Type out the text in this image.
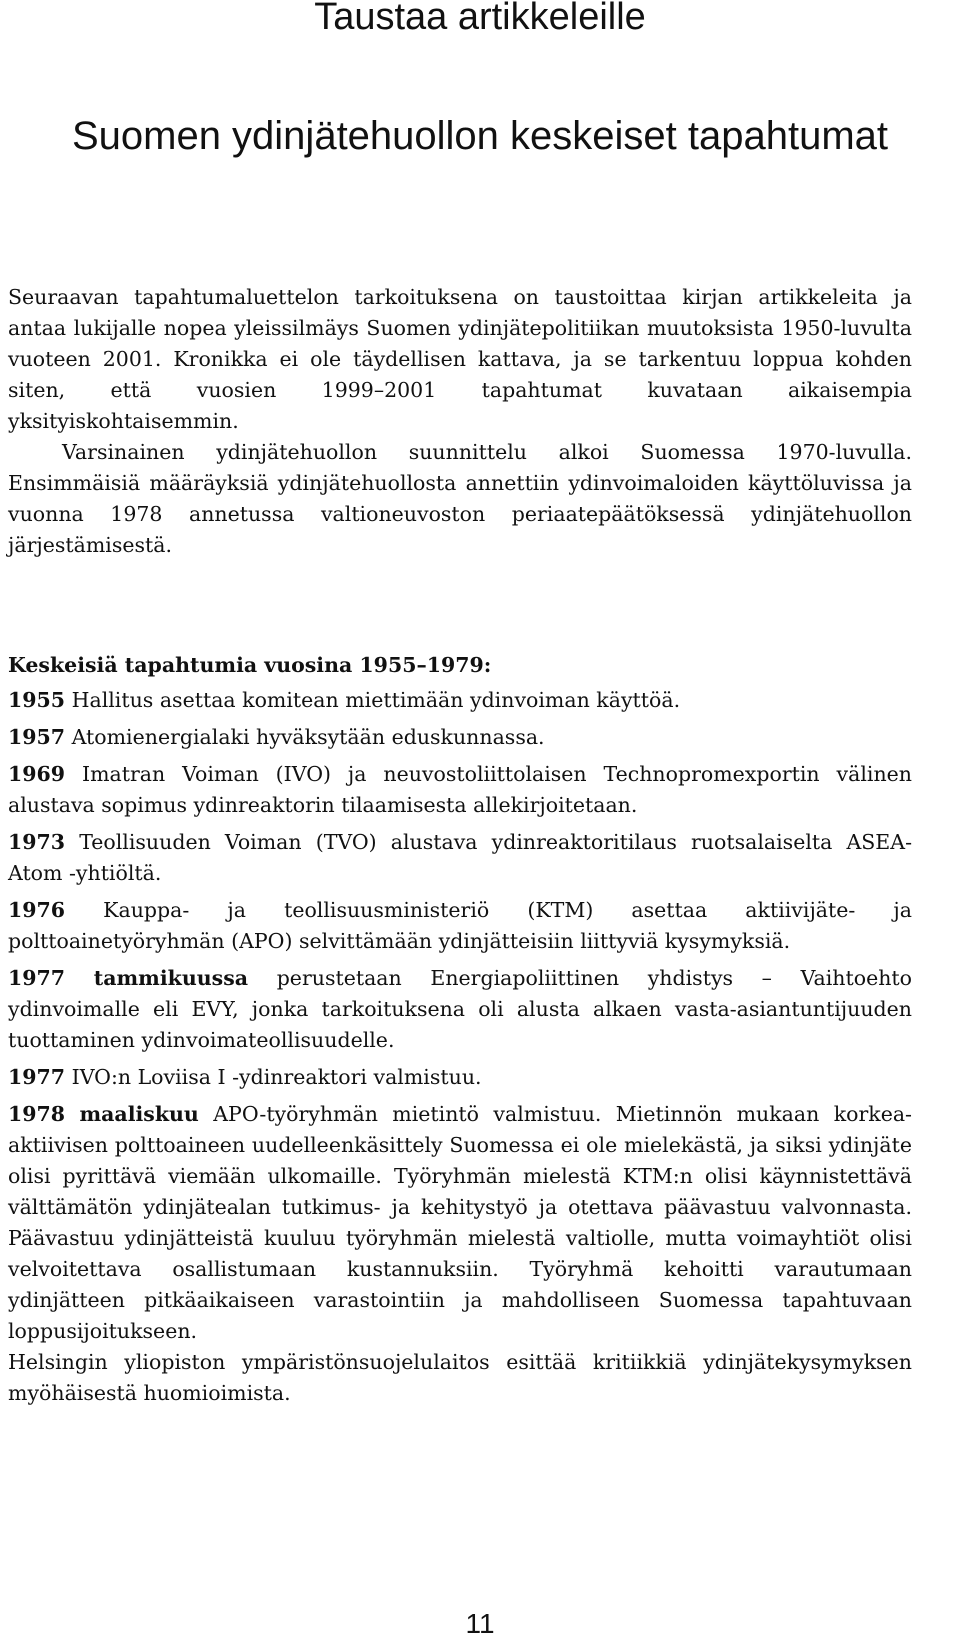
Taustaa artikkeleille
Suomen ydinjätehuollon keskeiset tapahtumat

Seuraavan tapahtumaluettelon tarkoituksena on taustoittaa kirjan artikkeleita ja antaa lukijalle nopea yleissilmäys Suomen ydinjätepolitiikan muutoksista 1950-luvulta vuoteen 2001. Kronikka ei ole täydellisen kattava, ja se tarkentuu loppua kohden siten, että vuosien 1999–2001 tapahtumat kuvataan aikaisempia yksityiskohtaisemmin.

Varsinainen ydinjätehuollon suunnittelu alkoi Suomessa 1970-luvulla. Ensimmäisiä määräyksiä ydinjätehuollosta annettiin ydinvoimaloiden käyttöluvissa ja vuonna 1978 annetussa valtioneuvoston periaatepäätöksessä ydinjätehuollon järjestämisestä.

Keskeisiä tapahtumia vuosina 1955–1979:
1955 Hallitus asettaa komitean miettimään ydinvoiman käyttöä.
1957 Atomienergialaki hyväksytään eduskunnassa.
1969 Imatran Voiman (IVO) ja neuvostoliittolaisen Technopromexportin välinen alustava sopimus ydinreaktorin tilaamisesta allekirjoitetaan.
1973 Teollisuuden Voiman (TVO) alustava ydinreaktoritilaus ruotsalaiselta ASEA-Atom -yhtiöltä.
1976 Kauppa- ja teollisuusministeriö (KTM) asettaa aktiivijäte- ja polttoainetyöryhmän (APO) selvittämään ydinjätteisiin liittyviä kysymyksiä.
1977 tammikuussa perustetaan Energiapoliittinen yhdistys – Vaihtoehto ydinvoimalle eli EVY, jonka tarkoituksena oli alusta alkaen vasta-asiantuntijuuden tuottaminen ydinvoimateollisuudelle.
1977 IVO:n Loviisa I -ydinreaktori valmistuu.
1978 maaliskuu APO-työryhmän mietintö valmistuu. Mietinnön mukaan korkea-aktiivisen polttoaineen uudelleenkäsittely Suomessa ei ole mielekästä, ja siksi ydinjäte olisi pyrittävä viemään ulkomaille. Työryhmän mielestä KTM:n olisi käynnistettävä välttämätön ydinjätealan tutkimus- ja kehitystyö ja otettava päävastuu valvonnasta. Päävastuu ydinjätteistä kuuluu työryhmän mielestä valtiolle, mutta voimayhtiöt olisi velvoitettava osallistumaan kustannuksiin. Työryhmä kehoitti varautumaan ydinjätteen pitkäaikaiseen varastointiin ja mahdolliseen Suomessa tapahtuvaan loppusijoitukseen.
Helsingin yliopiston ympäristönsuojelulaitos esittää kritiikkiä ydinjätekysymyksen myöhäisestä huomioimista.
11
